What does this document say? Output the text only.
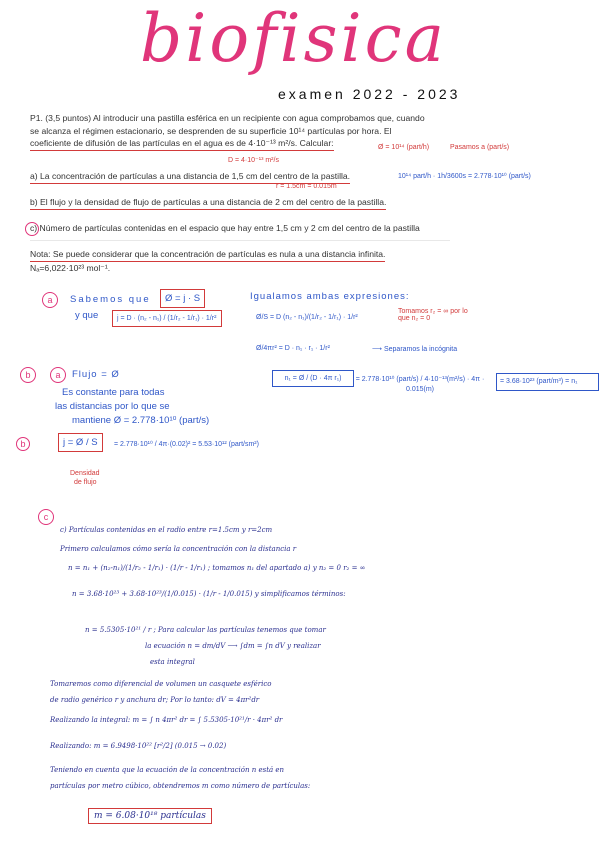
biofisica
examen 2022 - 2023
P1. (3,5 puntos) Al introducir una pastilla esférica en un recipiente con agua comprobamos que, cuando
se alcanza el régimen estacionario, se desprenden de su superficie 10¹⁴ partículas por hora. El
coeficiente de difusión de las partículas en el agua es de 4·10⁻¹³ m²/s. Calcular:
D = 4·10⁻¹³ m²/s
Ø = 10¹⁴ (part/h)	Pasamos a (part/s)
a) La concentración de partículas a una distancia de 1,5 cm del centro de la pastilla.
r = 1.5cm = 0.015m
10¹⁴ part/h · 1h/3600s = 2.778·10¹⁰ (part/s)
b) El flujo y la densidad de flujo de partículas a una distancia de 2 cm del centro de la pastilla.
c) Número de partículas contenidas en el espacio que hay entre 1,5 cm y 2 cm del centro de la pastilla
Nota: Se puede considerar que la concentración de partículas es nula a una distancia infinita.
Nₐ=6,022·10²³ mol⁻¹.
a	Sabemos que	Ø = j · S
y que	j = D · (n₂ - n₁) / (1/r₂ - 1/r₁) · 1/r²
Igualamos ambas expresiones:
Ø/S = D (n₂ - n₁)/(1/r₂ - 1/r₁) · 1/r²
Tomamos r₂ = ∞ por lo que n₂ = 0
Ø/4πr² = D · n₁ · r₁ · 1/r²	⟶ Separamos la incógnita
n₁ = Ø / (D · 4π r₁)	= 2.778·10¹⁰ (part/s) / 4·10⁻¹³(m²/s) · 4π · 0.015(m)
= 3.68·10²³ (part/m³) = n₁
b	a	Flujo = Ø
Es constante para todas
las distancias por lo que se
mantiene Ø = 2.778·10¹⁰ (part/s)
b	j = Ø / S	= 2.778·10¹⁰ / 4π·(0.02)² = 5.53·10¹² (part/sm²)
Densidad
de flujo
c
c) Partículas contenidas en el radio entre r=1.5cm y r=2cm
Primero calculamos cómo sería la concentración con la distancia r
n = n₁ + (n₂-n₁)/(1/r₂ - 1/r₁) · (1/r - 1/r₁) ; tomamos n₁ del apartado a) y n₂ = 0 r₂ = ∞
n = 3.68·10²³ + 3.68·10²³/(1/0.015) · (1/r - 1/0.015) y simplificamos términos:
n = 5.5305·10²¹ / r ; Para calcular las partículas tenemos que tomar
la ecuación n = dm/dV ⟶ ∫dm = ∫n dV y realizar
esta integral
Tomaremos como diferencial de volumen un casquete esférico
de radio genérico r y anchura dr; Por lo tanto: dV = 4πr²dr
Realizando la integral: m = ∫ n 4πr² dr = ∫ 5.5305·10²¹/r · 4πr² dr
Realizando: m = 6.9498·10²² [r²/2] (0.015 → 0.02)
Teniendo en cuenta que la ecuación de la concentración n está en
partículas por metro cúbico, obtendremos m como número de partículas:
m = 6.08·10¹⁸ partículas
